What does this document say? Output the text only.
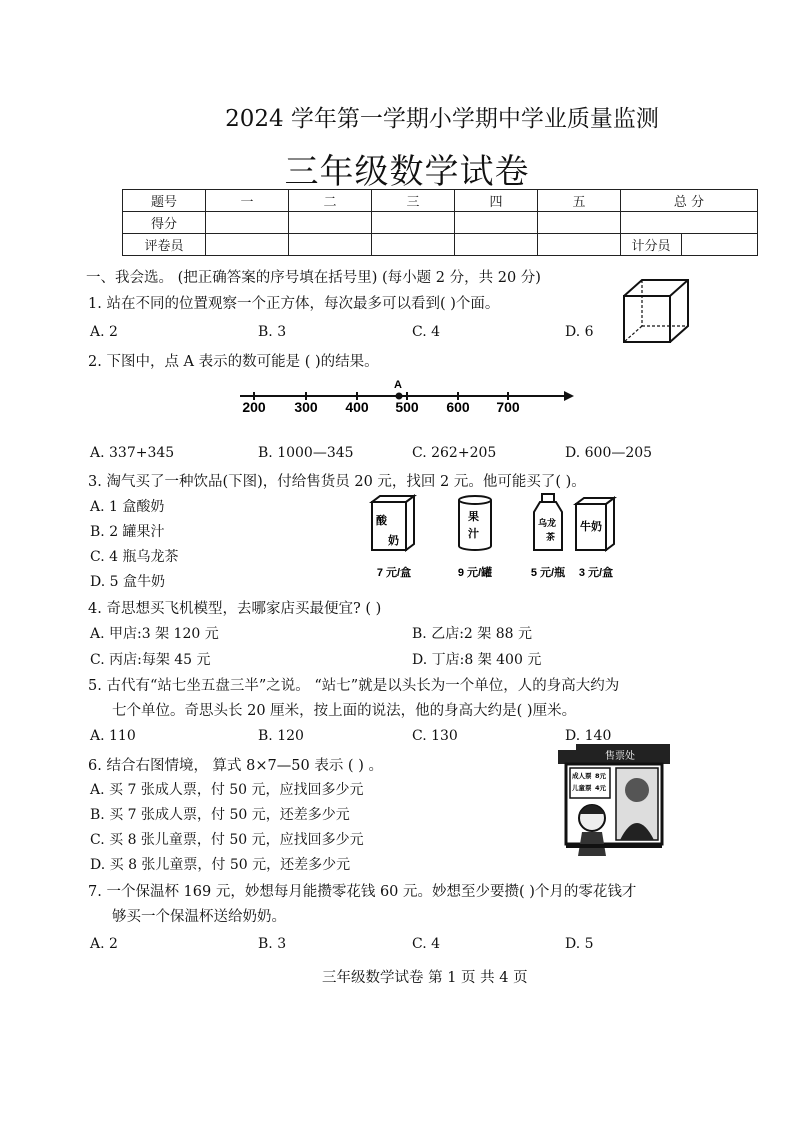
2024 学年第一学期小学期中学业质量监测
三年级数学试卷
题号	一	二	三	四	五	总 分	
得分							
评卷员						计分员	
一、我会选。 (把正确答案的序号填在括号里) (每小题 2 分，共 20 分)
1. 站在不同的位置观察一个正方体，每次最多可以看到( )个面。
A. 2	B. 3	C. 4	D. 6
2. 下图中，点 A 表示的数可能是 ( )的结果。
A
200 300 400 500 600 700
A. 337+345	B. 1000—345	C. 262+205	D. 600—205
3. 淘气买了一种饮品(下图)，付给售货员 20 元，找回 2 元。他可能买了( )。
A. 1 盒酸奶
B. 2 罐果汁
C. 4 瓶乌龙茶
D. 5 盒牛奶
酸
奶
果
汁
乌龙
茶
牛奶
7 元/盒	9 元/罐	5 元/瓶 3 元/盒
4. 奇思想买飞机模型，去哪家店买最便宜? ( )
A. 甲店:3 架 120 元	B. 乙店:2 架 88 元
C. 丙店:每架 45 元	D. 丁店:8 架 400 元
5. 古代有“站七坐五盘三半”之说。 “站七”就是以头长为一个单位，人的身高大约为
七个单位。奇思头长 20 厘米，按上面的说法，他的身高大约是( )厘米。
A. 110	B. 120	C. 130	D. 140
6. 结合右图情境， 算式 8×7—50 表示 ( ) 。
A. 买 7 张成人票，付 50 元，应找回多少元
B. 买 7 张成人票，付 50 元，还差多少元
C. 买 8 张儿童票，付 50 元，应找回多少元
D. 买 8 张儿童票，付 50 元，还差多少元
售票处
成人票 8元
儿童票 4元
7. 一个保温杯 169 元，妙想每月能攒零花钱 60 元。妙想至少要攒( )个月的零花钱才
够买一个保温杯送给奶奶。
A. 2	B. 3	C. 4	D. 5
三年级数学试卷 第 1 页 共 4 页
